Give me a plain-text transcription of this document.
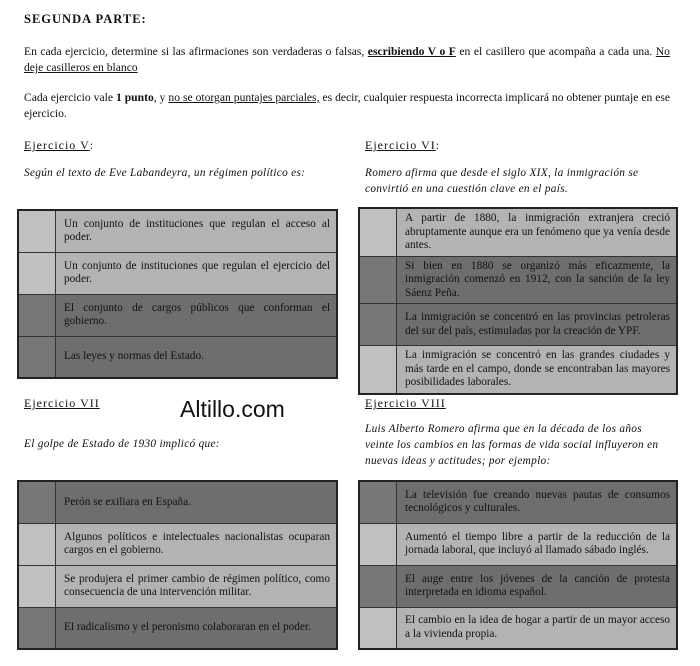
SEGUNDA PARTE:
En cada ejercicio, determine si las afirmaciones son verdaderas o falsas, escribiendo V o F en el casillero que acompaña a cada una. No deje casilleros en blanco
Cada ejercicio vale 1 punto, y no se otorgan puntajes parciales, es decir, cualquier respuesta incorrecta implicará no obtener puntaje en ese ejercicio.
Ejercicio V:
Según el texto de Eve Labandeyra, un régimen político es:
	Un conjunto de instituciones que regulan el acceso al poder.
	Un conjunto de instituciones que regulan el ejercicio del poder.
	El conjunto de cargos públicos que conforman el gobierno.
	Las leyes y normas del Estado.
Ejercicio VI:
Romero afirma que desde el siglo XIX, la inmigración se convirtió en una cuestión clave en el país.
	A partir de 1880, la inmigración extranjera creció abruptamente aunque era un fenómeno que ya venía desde antes.
	Si bien en 1880 se organizó más eficazmente, la inmigración comenzó en 1912, con la sanción de la ley Sáenz Peña.
	La inmigración se concentró en las provincias petroleras del sur del país, estimuladas por la creación de YPF.
	La inmigración se concentró en las grandes ciudades y más tarde en el campo, donde se encontraban las mayores posibilidades laborales.
Altillo.com
Ejercicio VII
El golpe de Estado de 1930 implicó que:
	Perón se exiliara en España.
	Algunos políticos e intelectuales nacionalistas ocuparan cargos en el gobierno.
	Se produjera el primer cambio de régimen político, como consecuencia de una intervención militar.
	El radicalismo y el peronismo colaboraran en el poder.
Ejercicio VIII
Luis Alberto Romero afirma que en la década de los años veinte los cambios en las formas de vida social influyeron en nuevas ideas y actitudes; por ejemplo:
	La televisión fue creando nuevas pautas de consumos tecnológicos y culturales.
	Aumentó el tiempo libre a partir de la reducción de la jornada laboral, que incluyó al llamado sábado inglés.
	El auge entre los jóvenes de la canción de protesta interpretada en idioma español.
	El cambio en la idea de hogar a partir de un mayor acceso a la vivienda propia.
